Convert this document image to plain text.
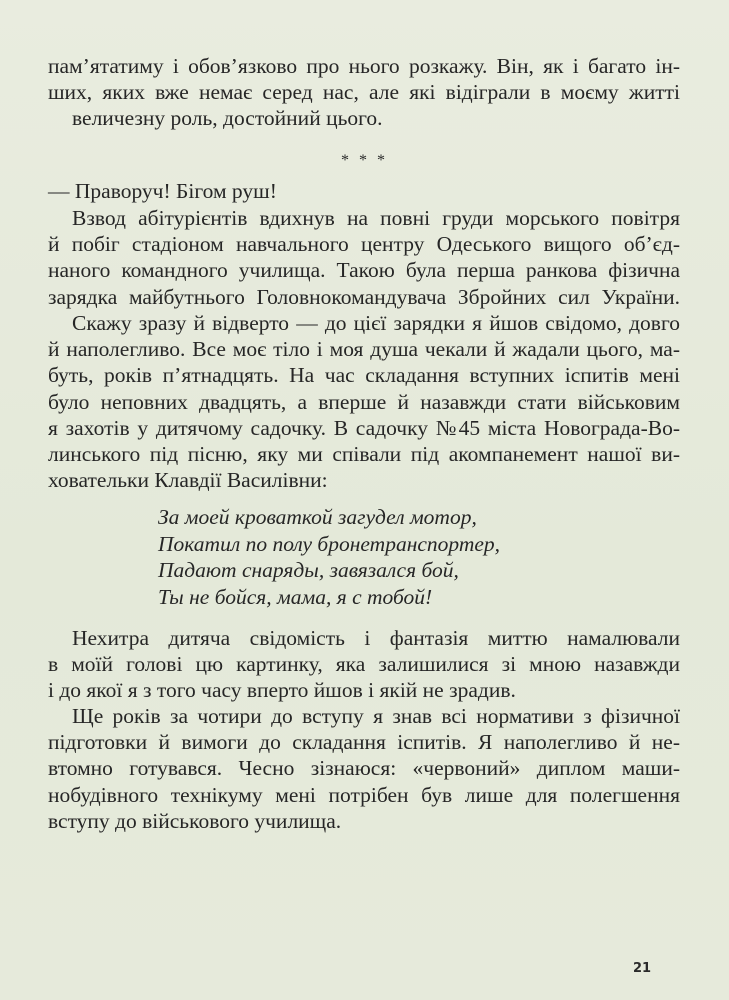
пам’ятатиму і обов’язково про нього розкажу. Він, як і багато ін-
ших, яких вже немає серед нас, але які відіграли в моєму житті
величезну роль, достойний цього.

* * *

— Праворуч! Бігом руш!

Взвод абітурієнтів вдихнув на повні груди морського повітря
й побіг стадіоном навчального центру Одеського вищого об’єд-
наного командного училища. Такою була перша ранкова фізична
зарядка майбутнього Головнокомандувача Збройних сил України.

Скажу зразу й відверто — до цієї зарядки я йшов свідомо, довго
й наполегливо. Все моє тіло і моя душа чекали й жадали цього, ма-
буть, років п’ятнадцять. На час складання вступних іспитів мені
було неповних двадцять, а вперше й назавжди стати військовим
я захотів у дитячому садочку. В садочку №45 міста Новограда-Во-
линського під пісню, яку ми співали під акомпанемент нашої ви-
ховательки Клавдії Василівни:

За моей кроваткой загудел мотор,
Покатил по полу бронетранспортер,
Падают снаряды, завязался бой,
Ты не бойся, мама, я с тобой!

Нехитра дитяча свідомість і фантазія миттю намалювали
в моїй голові цю картинку, яка залишилися зі мною назавжди
і до якої я з того часу вперто йшов і якій не зрадив.

Ще років за чотири до вступу я знав всі нормативи з фізичної
підготовки й вимоги до складання іспитів. Я наполегливо й не-
втомно готувався. Чесно зізнаюся: «червоний» диплом маши-
нобудівного технікуму мені потрібен був лише для полегшення
вступу до військового училища.

21
